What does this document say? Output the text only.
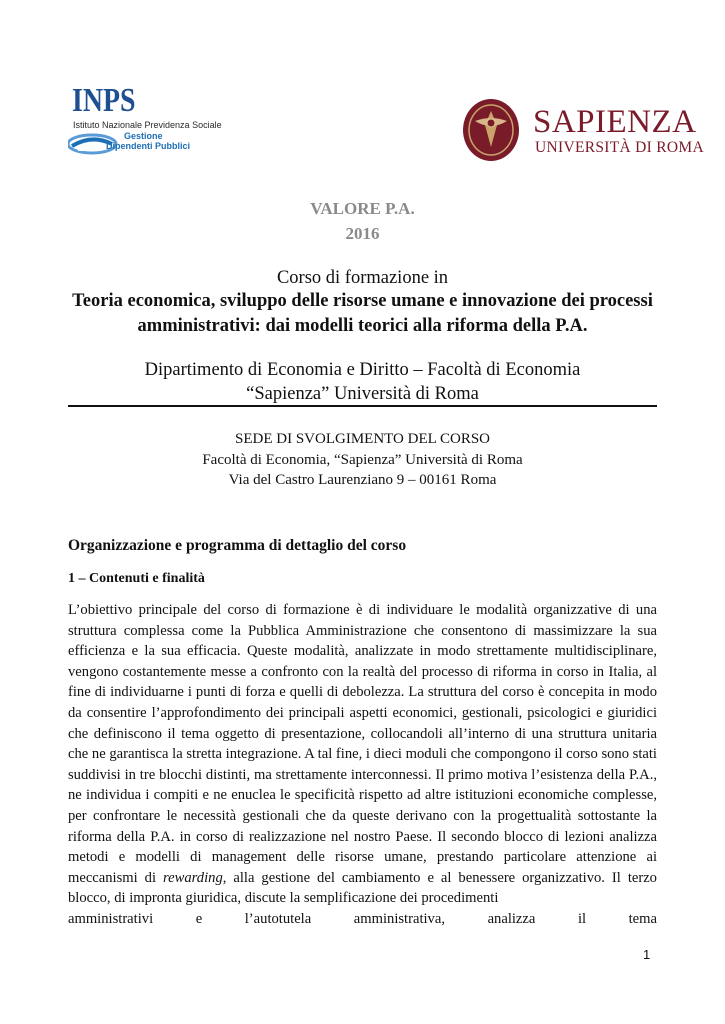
INPS
Istituto Nazionale Previdenza Sociale
Gestione
Dipendenti Pubblici
SAPIENZA
UNIVERSITÀ DI ROMA
VALORE P.A.
2016
Corso di formazione in
Teoria economica, sviluppo delle risorse umane e innovazione dei processi
amministrativi: dai modelli teorici alla riforma della P.A.
Dipartimento di Economia e Diritto – Facoltà di Economia
“Sapienza” Università di Roma
SEDE DI SVOLGIMENTO DEL CORSO
Facoltà di Economia, “Sapienza” Università di Roma
Via del Castro Laurenziano 9 – 00161 Roma
Organizzazione e programma di dettaglio del corso
1 – Contenuti e finalità
L’obiettivo principale del corso di formazione è di individuare le modalità organizzative di una struttura complessa come la Pubblica Amministrazione che consentono di massimizzare la sua efficienza e la sua efficacia. Queste modalità, analizzate in modo strettamente multidisciplinare, vengono costantemente messe a confronto con la realtà del processo di riforma in corso in Italia, al fine di individuarne i punti di forza e quelli di debolezza. La struttura del corso è concepita in modo da consentire l’approfondimento dei principali aspetti economici, gestionali, psicologici e giuridici che definiscono il tema oggetto di presentazione, collocandoli all’interno di una struttura unitaria che ne garantisca la stretta integrazione. A tal fine, i dieci moduli che compongono il corso sono stati suddivisi in tre blocchi distinti, ma strettamente interconnessi. Il primo motiva l’esistenza della P.A., ne individua i compiti e ne enuclea le specificità rispetto ad altre istituzioni economiche complesse, per confrontare le necessità gestionali che da queste derivano con la progettualità sottostante la riforma della P.A. in corso di realizzazione nel nostro Paese. Il secondo blocco di lezioni analizza metodi e modelli di management delle risorse umane, prestando particolare attenzione ai meccanismi di rewarding, alla gestione del cambiamento e al benessere organizzativo. Il terzo blocco, di impronta giuridica, discute la semplificazione dei procedimenti
amministrativi e l’autotutela amministrativa, analizza il tema
1
